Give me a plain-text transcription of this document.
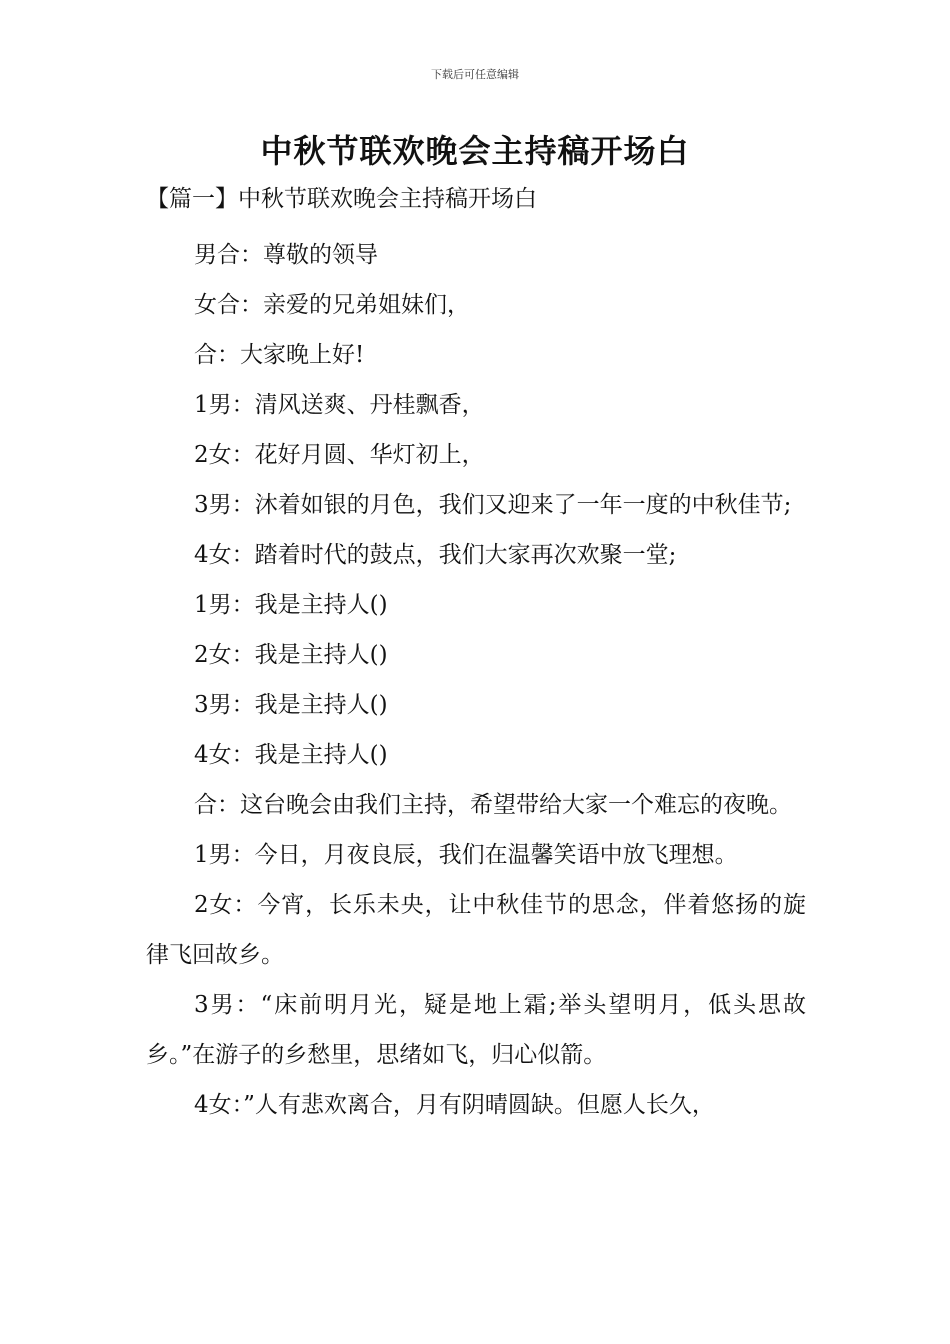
下载后可任意编辑
中秋节联欢晚会主持稿开场白
【篇一】中秋节联欢晚会主持稿开场白

男合：尊敬的领导

女合：亲爱的兄弟姐妹们，

合：大家晚上好!

1男：清风送爽、丹桂飘香，

2女：花好月圆、华灯初上，

3男：沐着如银的月色，我们又迎来了一年一度的中秋佳节;

4女：踏着时代的鼓点，我们大家再次欢聚一堂;

1男：我是主持人()

2女：我是主持人()

3男：我是主持人()

4女：我是主持人()

合：这台晚会由我们主持，希望带给大家一个难忘的夜晚。

1男：今日，月夜良辰，我们在温馨笑语中放飞理想。

2女：今宵，长乐未央，让中秋佳节的思念，伴着悠扬的旋律飞回故乡。

3男：“床前明月光，疑是地上霜;举头望明月，低头思故乡。”在游子的乡愁里，思绪如飞，归心似箭。

4女：”人有悲欢离合，月有阴晴圆缺。但愿人长久，
